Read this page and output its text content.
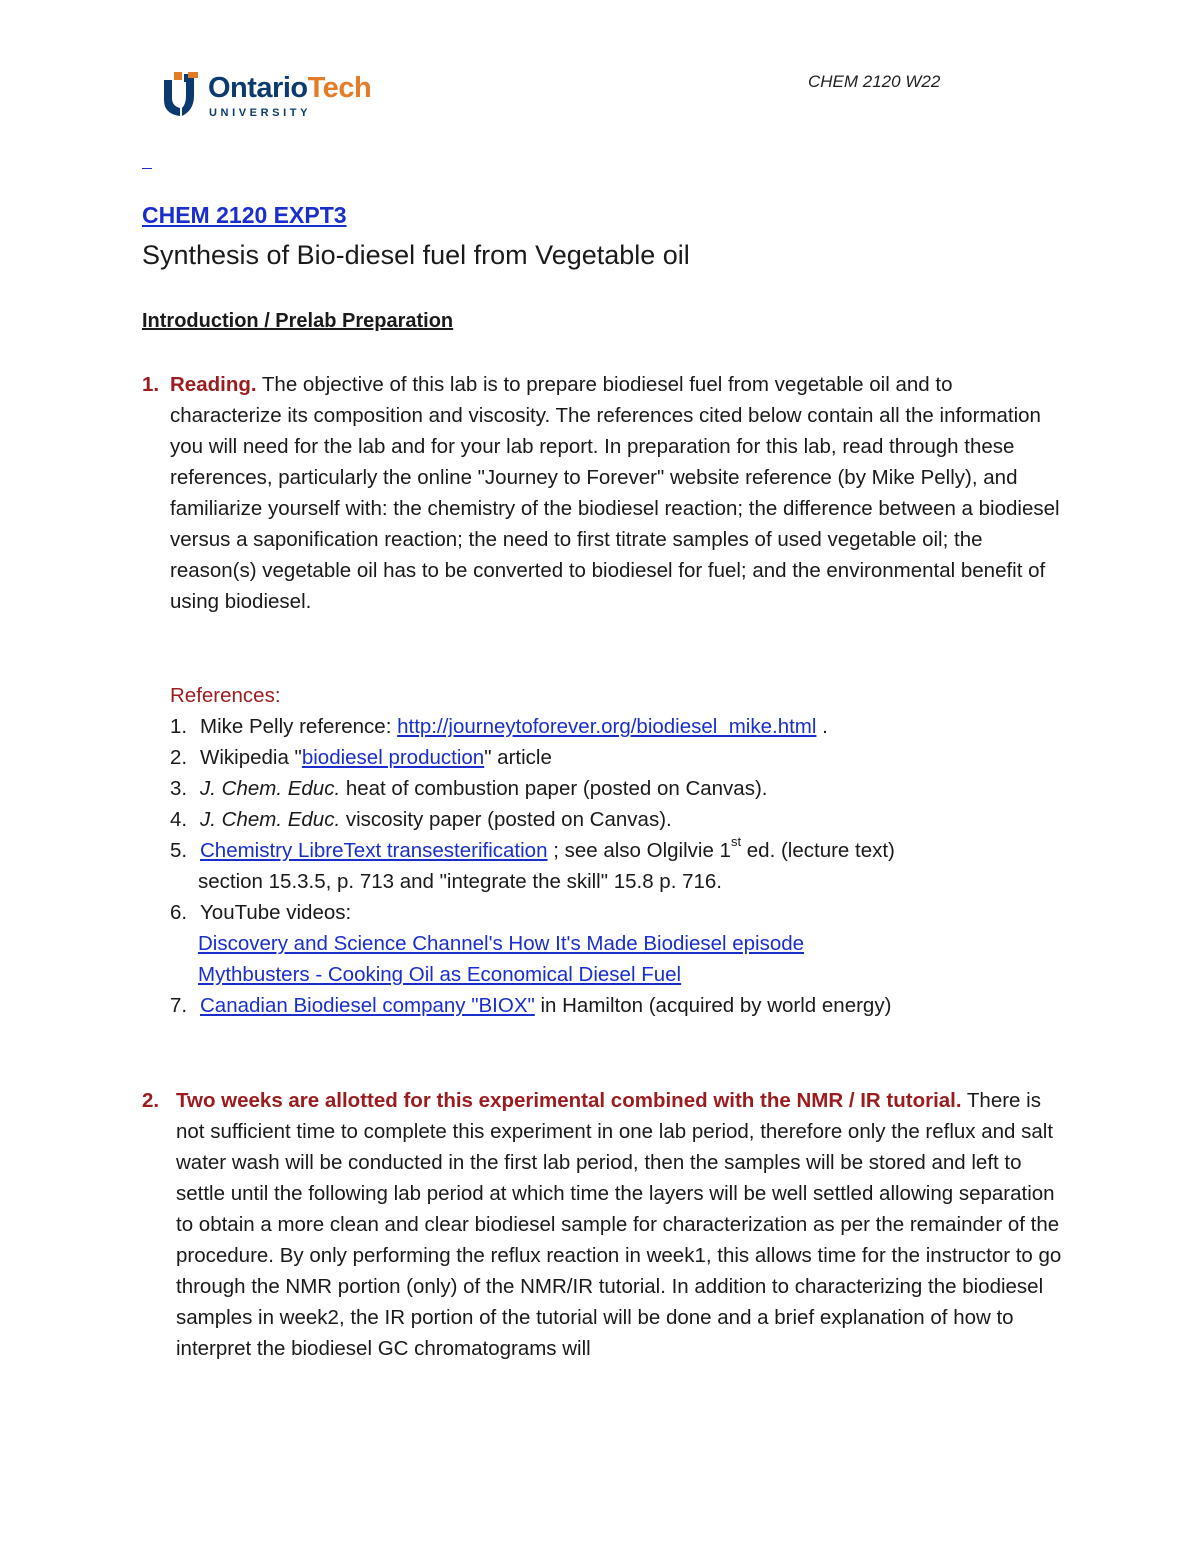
OntarioTech
UNIVERSITY
CHEM 2120 W22
CHEM 2120 EXPT3
Synthesis of Bio-diesel fuel from Vegetable oil
Introduction / Prelab Preparation
1. Reading. The objective of this lab is to prepare biodiesel fuel from vegetable oil and to characterize its composition and viscosity. The references cited below contain all the information you will need for the lab and for your lab report. In preparation for this lab, read through these references, particularly the online "Journey to Forever" website reference (by Mike Pelly), and familiarize yourself with: the chemistry of the biodiesel reaction; the difference between a biodiesel versus a saponification reaction; the need to first titrate samples of used vegetable oil; the reason(s) vegetable oil has to be converted to biodiesel for fuel; and the environmental benefit of using biodiesel.
References:
1. Mike Pelly reference: http://journeytoforever.org/biodiesel_mike.html .
2. Wikipedia "biodiesel production" article
3. J. Chem. Educ. heat of combustion paper (posted on Canvas).
4. J. Chem. Educ. viscosity paper (posted on Canvas).
5. Chemistry LibreText transesterification ; see also Olgilvie 1st ed. (lecture text)
section 15.3.5, p. 713 and "integrate the skill" 15.8 p. 716.
6. YouTube videos:
Discovery and Science Channel's How It's Made Biodiesel episode
Mythbusters - Cooking Oil as Economical Diesel Fuel
7. Canadian Biodiesel company "BIOX" in Hamilton (acquired by world energy)
2. Two weeks are allotted for this experimental combined with the NMR / IR tutorial. There is not sufficient time to complete this experiment in one lab period, therefore only the reflux and salt water wash will be conducted in the first lab period, then the samples will be stored and left to settle until the following lab period at which time the layers will be well settled allowing separation to obtain a more clean and clear biodiesel sample for characterization as per the remainder of the procedure. By only performing the reflux reaction in week1, this allows time for the instructor to go through the NMR portion (only) of the NMR/IR tutorial. In addition to characterizing the biodiesel samples in week2, the IR portion of the tutorial will be done and a brief explanation of how to interpret the biodiesel GC chromatograms will
